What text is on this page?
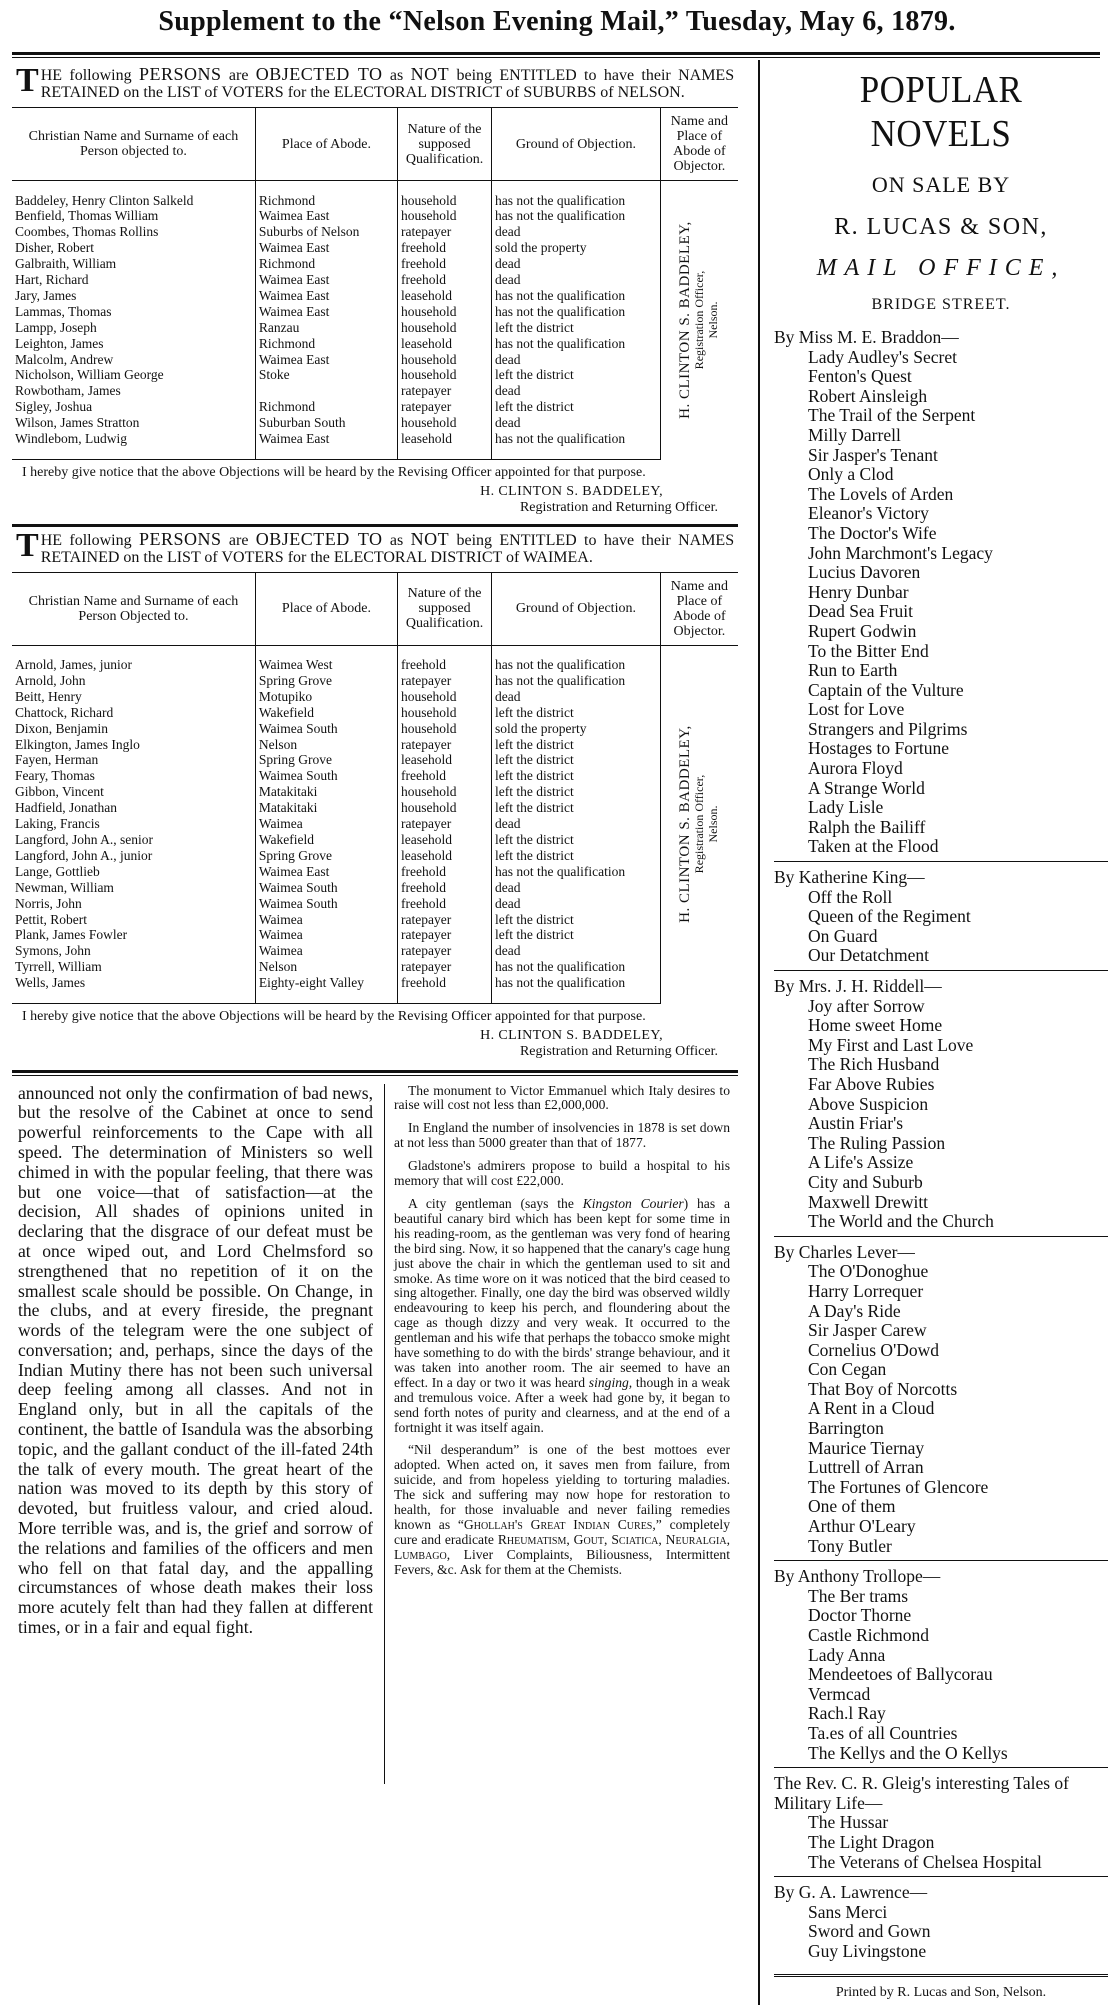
Supplement to the “Nelson Evening Mail,” Tuesday, May 6, 1879.
THE following PERSONS are OBJECTED TO as NOT being ENTITLED to have their NAMES RETAINED on the LIST of VOTERS for the ELECTORAL DISTRICT of SUBURBS of NELSON.
Christian Name and Surname of each Person objected to.	Place of Abode.	Nature of the supposed Qualification.	Ground of Objection.	Name and Place of Abode of Objector.

				H. CLINTON S. BADDELEY, Registration Officer, Nelson.

Baddeley, Henry Clinton Salkeld	Richmond	household	has not the qualification	
Benfield, Thomas William	Waimea East	household	has not the qualification	
Coombes, Thomas Rollins	Suburbs of Nelson	ratepayer	dead	
Disher, Robert	Waimea East	freehold	sold the property	
Galbraith, William	Richmond	freehold	dead	
Hart, Richard	Waimea East	freehold	dead	
Jary, James	Waimea East	leasehold	has not the qualification	
Lammas, Thomas	Waimea East	household	has not the qualification	
Lampp, Joseph	Ranzau	household	left the district	
Leighton, James	Richmond	leasehold	has not the qualification	
Malcolm, Andrew	Waimea East	household	dead	
Nicholson, William George	Stoke	household	left the district	
Rowbotham, James		ratepayer	dead	
Sigley, Joshua	Richmond	ratepayer	left the district	
Wilson, James Stratton	Suburban South	household	dead	
Windlebom, Ludwig	Waimea East	leasehold	has not the qualification	

I hereby give notice that the above Objections will be heard by the Revising Officer appointed for that purpose.
H. CLINTON S. BADDELEY,
Registration and Returning Officer.
THE following PERSONS are OBJECTED TO as NOT being ENTITLED to have their NAMES RETAINED on the LIST of VOTERS for the ELECTORAL DISTRICT of WAIMEA.
Christian Name and Surname of each Person Objected to.	Place of Abode.	Nature of the supposed Qualification.	Ground of Objection.	Name and Place of Abode of Objector.

				H. CLINTON S. BADDELEY, Registration Officer, Nelson.

Arnold, James, junior	Waimea West	freehold	has not the qualification	
Arnold, John	Spring Grove	ratepayer	has not the qualification	
Beitt, Henry	Motupiko	household	dead	
Chattock, Richard	Wakefield	household	left the district	
Dixon, Benjamin	Waimea South	household	sold the property	
Elkington, James Inglo	Nelson	ratepayer	left the district	
Fayen, Herman	Spring Grove	leasehold	left the district	
Feary, Thomas	Waimea South	freehold	left the district	
Gibbon, Vincent	Matakitaki	household	left the district	
Hadfield, Jonathan	Matakitaki	household	left the district	
Laking, Francis	Waimea	ratepayer	dead	
Langford, John A., senior	Wakefield	leasehold	left the district	
Langford, John A., junior	Spring Grove	leasehold	left the district	
Lange, Gottlieb	Waimea East	freehold	has not the qualification	
Newman, William	Waimea South	freehold	dead	
Norris, John	Waimea South	freehold	dead	
Pettit, Robert	Waimea	ratepayer	left the district	
Plank, James Fowler	Waimea	ratepayer	left the district	
Symons, John	Waimea	ratepayer	dead	
Tyrrell, William	Nelson	ratepayer	has not the qualification	
Wells, James	Eighty-eight Valley	freehold	has not the qualification	

I hereby give notice that the above Objections will be heard by the Revising Officer appointed for that purpose.
H. CLINTON S. BADDELEY,
Registration and Returning Officer.
announced not only the confirmation of bad news, but the resolve of the Cabinet at once to send powerful reinforcements to the Cape with all speed. The determination of Ministers so well chimed in with the popular feeling, that there was but one voice—that of satisfaction—at the decision, All shades of opinions united in declaring that the disgrace of our defeat must be at once wiped out, and Lord Chelmsford so strengthened that no repetition of it on the smallest scale should be possible. On Change, in the clubs, and at every fireside, the pregnant words of the telegram were the one subject of conversation; and, perhaps, since the days of the Indian Mutiny there has not been such universal deep feeling among all classes. And not in England only, but in all the capitals of the continent, the battle of Isandula was the absorbing topic, and the gallant conduct of the ill-fated 24th the talk of every mouth. The great heart of the nation was moved to its depth by this story of devoted, but fruitless valour, and cried aloud. More terrible was, and is, the grief and sorrow of the relations and families of the officers and men who fell on that fatal day, and the appalling circumstances of whose death makes their loss more acutely felt than had they fallen at different times, or in a fair and equal fight.

The monument to Victor Emmanuel which Italy desires to raise will cost not less than £2,000,000.

In England the number of insolvencies in 1878 is set down at not less than 5000 greater than that of 1877.

Gladstone's admirers propose to build a hospital to his memory that will cost £22,000.

A city gentleman (says the Kingston Courier) has a beautiful canary bird which has been kept for some time in his reading-room, as the gentleman was very fond of hearing the bird sing. Now, it so happened that the canary's cage hung just above the chair in which the gentleman used to sit and smoke. As time wore on it was noticed that the bird ceased to sing altogether. Finally, one day the bird was observed wildly endeavouring to keep his perch, and floundering about the cage as though dizzy and very weak. It occurred to the gentleman and his wife that perhaps the tobacco smoke might have something to do with the birds' strange behaviour, and it was taken into another room. The air seemed to have an effect. In a day or two it was heard singing, though in a weak and tremulous voice. After a week had gone by, it began to send forth notes of purity and clearness, and at the end of a fortnight it was itself again.

“Nil desperandum” is one of the best mottoes ever adopted. When acted on, it saves men from failure, from suicide, and from hopeless yielding to torturing maladies. The sick and suffering may now hope for restoration to health, for those invaluable and never failing remedies known as “Ghollah's Great Indian Cures,” completely cure and eradicate Rheumatism, Gout, Sciatica, Neuralgia, Lumbago, Liver Complaints, Biliousness, Intermittent Fevers, &c. Ask for them at the Chemists.

POPULAR NOVELS
ON SALE BY
R. LUCAS & SON,
MAIL OFFICE,
BRIDGE STREET.
By Miss M. E. Braddon—
Lady Audley's Secret
Fenton's Quest
Robert Ainsleigh
The Trail of the Serpent
Milly Darrell
Sir Jasper's Tenant
Only a Clod
The Lovels of Arden
Eleanor's Victory
The Doctor's Wife
John Marchmont's Legacy
Lucius Davoren
Henry Dunbar
Dead Sea Fruit
Rupert Godwin
To the Bitter End
Run to Earth
Captain of the Vulture
Lost for Love
Strangers and Pilgrims
Hostages to Fortune
Aurora Floyd
A Strange World
Lady Lisle
Ralph the Bailiff
Taken at the Flood
By Katherine King—
Off the Roll
Queen of the Regiment
On Guard
Our Detatchment
By Mrs. J. H. Riddell—
Joy after Sorrow
Home sweet Home
My First and Last Love
The Rich Husband
Far Above Rubies
Above Suspicion
Austin Friar's
The Ruling Passion
A Life's Assize
City and Suburb
Maxwell Drewitt
The World and the Church
By Charles Lever—
The O'Donoghue
Harry Lorrequer
A Day's Ride
Sir Jasper Carew
Cornelius O'Dowd
Con Cegan
That Boy of Norcotts
A Rent in a Cloud
Barrington
Maurice Tiernay
Luttrell of Arran
The Fortunes of Glencore
One of them
Arthur O'Leary
Tony Butler
By Anthony Trollope—
The Ber trams
Doctor Thorne
Castle Richmond
Lady Anna
Mendeetoes of Ballycorau
Vermcad
Rach.l Ray
Ta.es of all Countries
The Kellys and the O Kellys
The Rev. C. R. Gleig's interesting Tales of Military Life—
The Hussar
The Light Dragon
The Veterans of Chelsea Hospital
By G. A. Lawrence—
Sans Merci
Sword and Gown
Guy Livingstone
Printed by R. Lucas and Son, Nelson.
